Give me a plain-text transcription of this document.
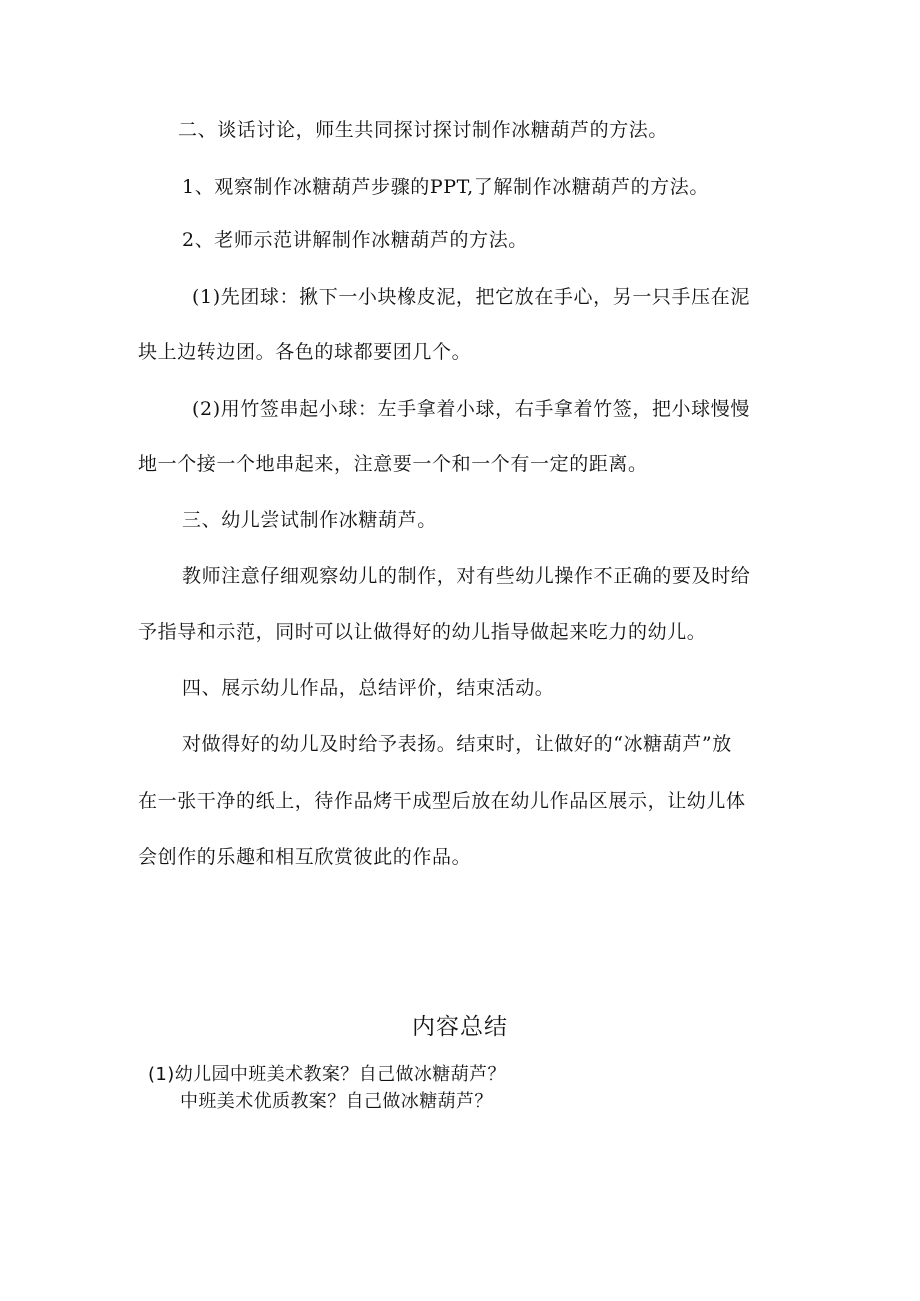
二、谈话讨论，师生共同探讨探讨制作冰糖葫芦的方法。
1、观察制作冰糖葫芦步骤的PPT,了解制作冰糖葫芦的方法。
2、老师示范讲解制作冰糖葫芦的方法。
(1)先团球：揪下一小块橡皮泥，把它放在手心，另一只手压在泥
块上边转边团。各色的球都要团几个。
(2)用竹签串起小球：左手拿着小球，右手拿着竹签，把小球慢慢
地一个接一个地串起来，注意要一个和一个有一定的距离。
三、幼儿尝试制作冰糖葫芦。
教师注意仔细观察幼儿的制作，对有些幼儿操作不正确的要及时给
予指导和示范，同时可以让做得好的幼儿指导做起来吃力的幼儿。
四、展示幼儿作品，总结评价，结束活动。
对做得好的幼儿及时给予表扬。结束时，让做好的“冰糖葫芦”放
在一张干净的纸上，待作品烤干成型后放在幼儿作品区展示，让幼儿体
会创作的乐趣和相互欣赏彼此的作品。
内容总结
(1)幼儿园中班美术教案？自己做冰糖葫芦？
中班美术优质教案？自己做冰糖葫芦？
